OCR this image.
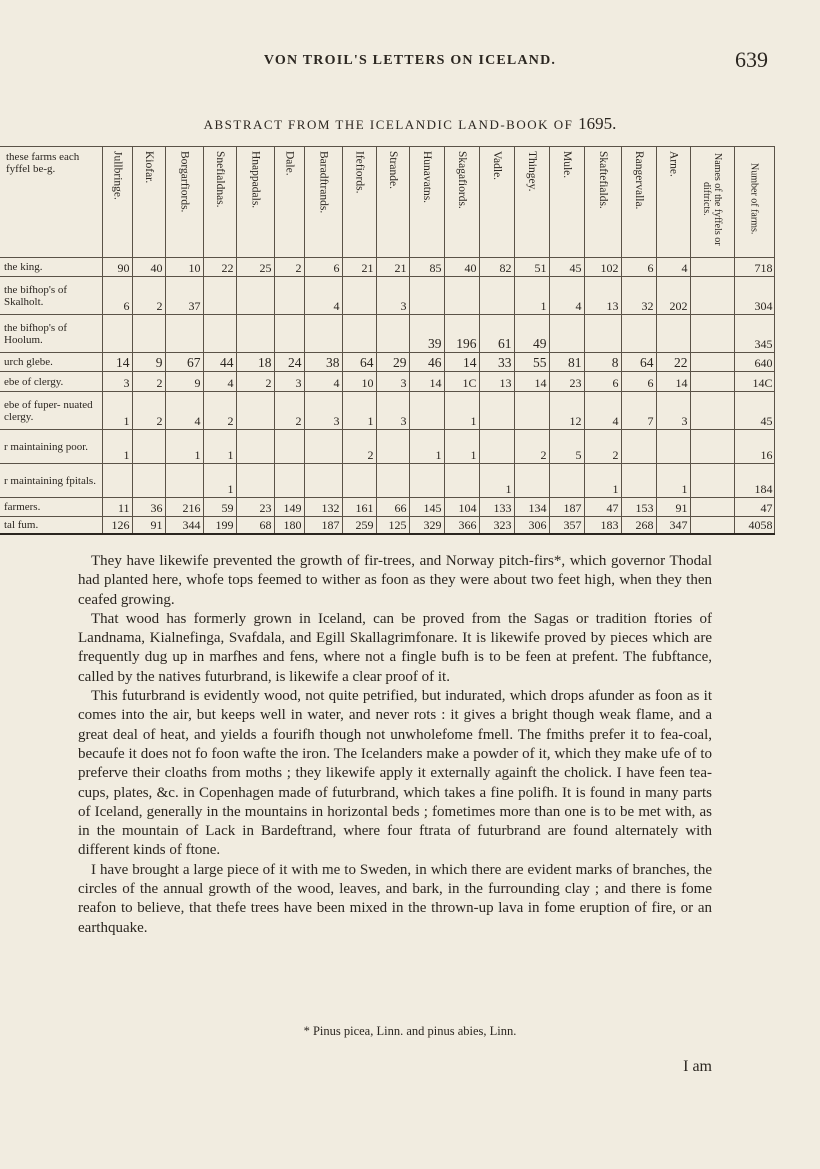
VON TROIL'S LETTERS ON ICELAND.	639
ABSTRACT FROM THE ICELANDIC LAND-BOOK OF 1695.
these farms each fyffel be-g.	Jullbringe.	Kiofar.	Borgarfiords.	Snefialdnas.	Hnappadals.	Dale.	Baradftrands.	Ifefiords.	Strande.	Hunavatns.	Skagafiords.	Vadle.	Thingey.	Mule.	Skaftefialds.	Rangervalla.	Arne.	Names of the fyffels or diftricts.	Number of farms.

the king.	90	40	10	22	25	2	6	21	21	85	40	82	51	45	102	6	4		718
the bifhop's of Skalholt.	6	2	37				4		3				1	4	13	32	202		304
the bifhop's of Hoolum.										39	196	61	49						345
urch glebe.	14	9	67	44	18	24	38	64	29	46	14	33	55	81	8	64	22		640
ebe of clergy.	3	2	9	4	2	3	4	10	3	14	1C	13	14	23	6	6	14		14C
ebe of fuper- nuated clergy.	1	2	4	2		2	3	1	3		1			12	4	7	3		45
r maintaining poor.	1		1	1				2		1	1		2	5	2				16
r maintaining fpitals.				1								1			1		1		184
farmers.	11	36	216	59	23	149	132	161	66	145	104	133	134	187	47	153	91		47
tal fum.	126	91	344	199	68	180	187	259	125	329	366	323	306	357	183	268	347		4058

They have likewife prevented the growth of fir-trees, and Norway pitch-firs*, which governor Thodal had planted here, whofe tops feemed to wither as foon as they were about two feet high, when they then ceafed growing.

That wood has formerly grown in Iceland, can be proved from the Sagas or tradition ftories of Landnama, Kialnefinga, Svafdala, and Egill Skallagrimfonare. It is likewife proved by pieces which are frequently dug up in marfhes and fens, where not a fingle bufh is to be feen at prefent. The fubftance, called by the natives futurbrand, is likewife a clear proof of it.

This futurbrand is evidently wood, not quite petrified, but indurated, which drops afunder as foon as it comes into the air, but keeps well in water, and never rots : it gives a bright though weak flame, and a great deal of heat, and yields a fourifh though not unwholefome fmell. The fmiths prefer it to fea-coal, becaufe it does not fo foon wafte the iron. The Icelanders make a powder of it, which they make ufe of to preferve their cloaths from moths ; they likewife apply it externally againft the cholick. I have feen tea-cups, plates, &c. in Copenhagen made of futurbrand, which takes a fine polifh. It is found in many parts of Iceland, generally in the mountains in horizontal beds ; fometimes more than one is to be met with, as in the mountain of Lack in Bardeftrand, where four ftrata of futurbrand are found alternately with different kinds of ftone.

I have brought a large piece of it with me to Sweden, in which there are evident marks of branches, the circles of the annual growth of the wood, leaves, and bark, in the furrounding clay ; and there is fome reafon to believe, that thefe trees have been mixed in the thrown-up lava in fome eruption of fire, or an earthquake.

* Pinus picea, Linn. and pinus abies, Linn.
I am
